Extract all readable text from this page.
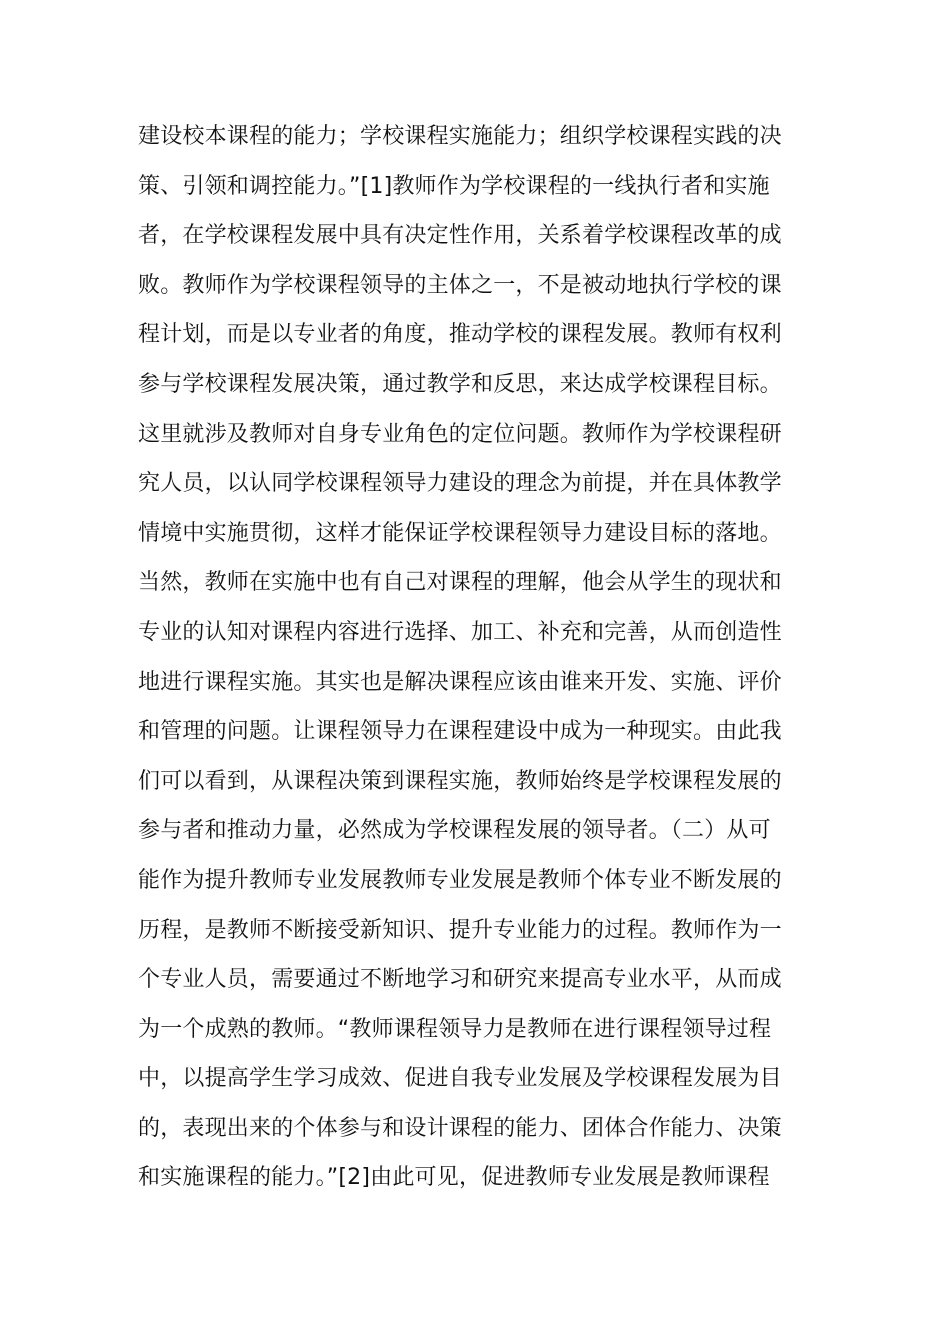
建设校本课程的能力；学校课程实施能力；组织学校课程实践的决
策、引领和调控能力。”[1]教师作为学校课程的一线执行者和实施
者，在学校课程发展中具有决定性作用，关系着学校课程改革的成
败。教师作为学校课程领导的主体之一，不是被动地执行学校的课
程计划，而是以专业者的角度，推动学校的课程发展。教师有权利
参与学校课程发展决策，通过教学和反思，来达成学校课程目标。
这里就涉及教师对自身专业角色的定位问题。教师作为学校课程研
究人员，以认同学校课程领导力建设的理念为前提，并在具体教学
情境中实施贯彻，这样才能保证学校课程领导力建设目标的落地。
当然，教师在实施中也有自己对课程的理解，他会从学生的现状和
专业的认知对课程内容进行选择、加工、补充和完善，从而创造性
地进行课程实施。其实也是解决课程应该由谁来开发、实施、评价
和管理的问题。让课程领导力在课程建设中成为一种现实。由此我
们可以看到，从课程决策到课程实施，教师始终是学校课程发展的
参与者和推动力量，必然成为学校课程发展的领导者。（二）从可
能作为提升教师专业发展教师专业发展是教师个体专业不断发展的
历程，是教师不断接受新知识、提升专业能力的过程。教师作为一
个专业人员，需要通过不断地学习和研究来提高专业水平，从而成
为一个成熟的教师。“教师课程领导力是教师在进行课程领导过程
中，以提高学生学习成效、促进自我专业发展及学校课程发展为目
的，表现出来的个体参与和设计课程的能力、团体合作能力、决策
和实施课程的能力。”[2]由此可见，促进教师专业发展是教师课程
